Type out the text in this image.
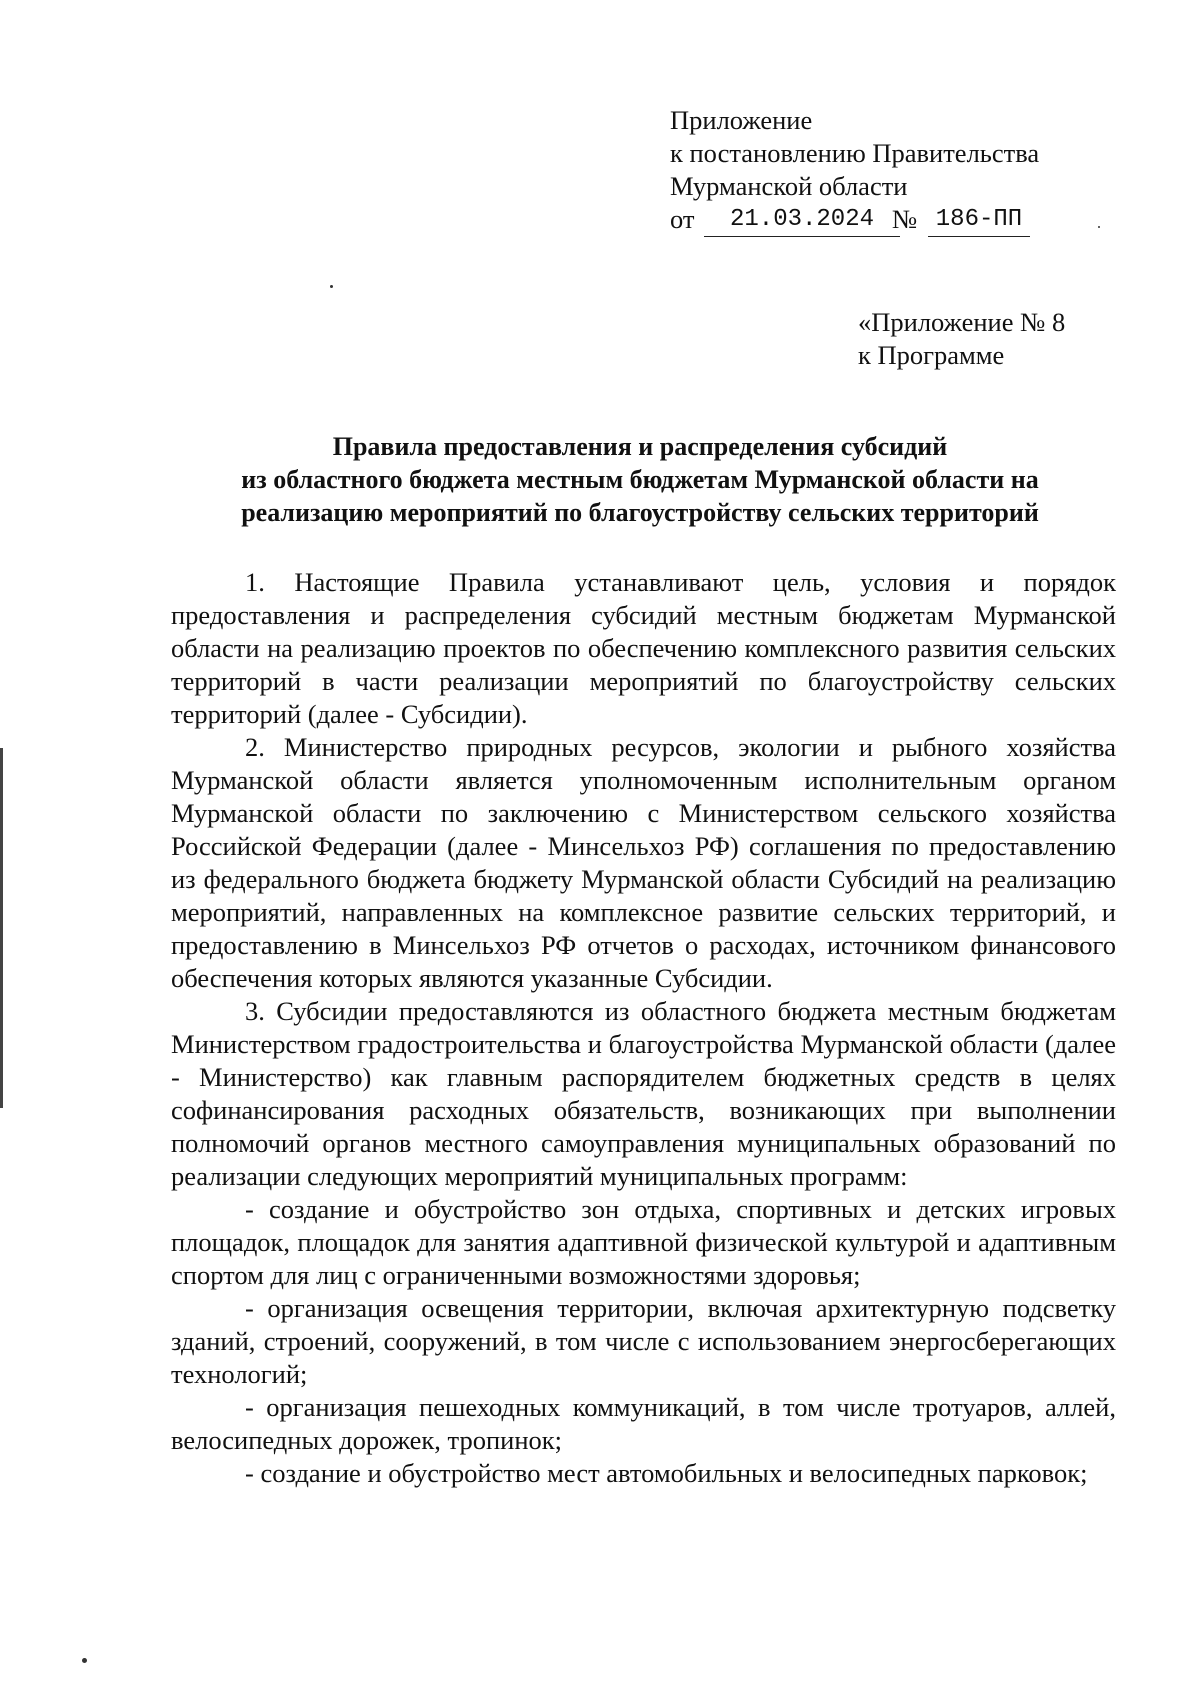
Приложение
к постановлению Правительства
Мурманской области
от	21.03.2024 № 186-ПП
«Приложение № 8
к Программе
Правила предоставления и распределения субсидий
из областного бюджета местным бюджетам Мурманской области на
реализацию мероприятий по благоустройству сельских территорий

1. Настоящие Правила устанавливают цель, условия и порядок предоставления и распределения субсидий местным бюджетам Мурманской области на реализацию проектов по обеспечению комплексного развития сельских территорий в части реализации мероприятий по благоустройству сельских территорий (далее - Субсидии).

2. Министерство природных ресурсов, экологии и рыбного хозяйства Мурманской области является уполномоченным исполнительным органом Мурманской области по заключению с Министерством сельского хозяйства Российской Федерации (далее - Минсельхоз РФ) соглашения по предоставлению из федерального бюджета бюджету Мурманской области Субсидий на реализацию мероприятий, направленных на комплексное развитие сельских территорий, и предоставлению в Минсельхоз РФ отчетов о расходах, источником финансового обеспечения которых являются указанные Субсидии.

3. Субсидии предоставляются из областного бюджета местным бюджетам Министерством градостроительства и благоустройства Мурманской области (далее - Министерство) как главным распорядителем бюджетных средств в целях софинансирования расходных обязательств, возникающих при выполнении полномочий органов местного самоуправления муниципальных образований по реализации следующих мероприятий муниципальных программ:

- создание и обустройство зон отдыха, спортивных и детских игровых площадок, площадок для занятия адаптивной физической культурой и адаптивным спортом для лиц с ограниченными возможностями здоровья;

- организация освещения территории, включая архитектурную подсветку зданий, строений, сооружений, в том числе с использованием энергосберегающих технологий;

- организация пешеходных коммуникаций, в том числе тротуаров, аллей, велосипедных дорожек, тропинок;

- создание и обустройство мест автомобильных и велосипедных парковок;
